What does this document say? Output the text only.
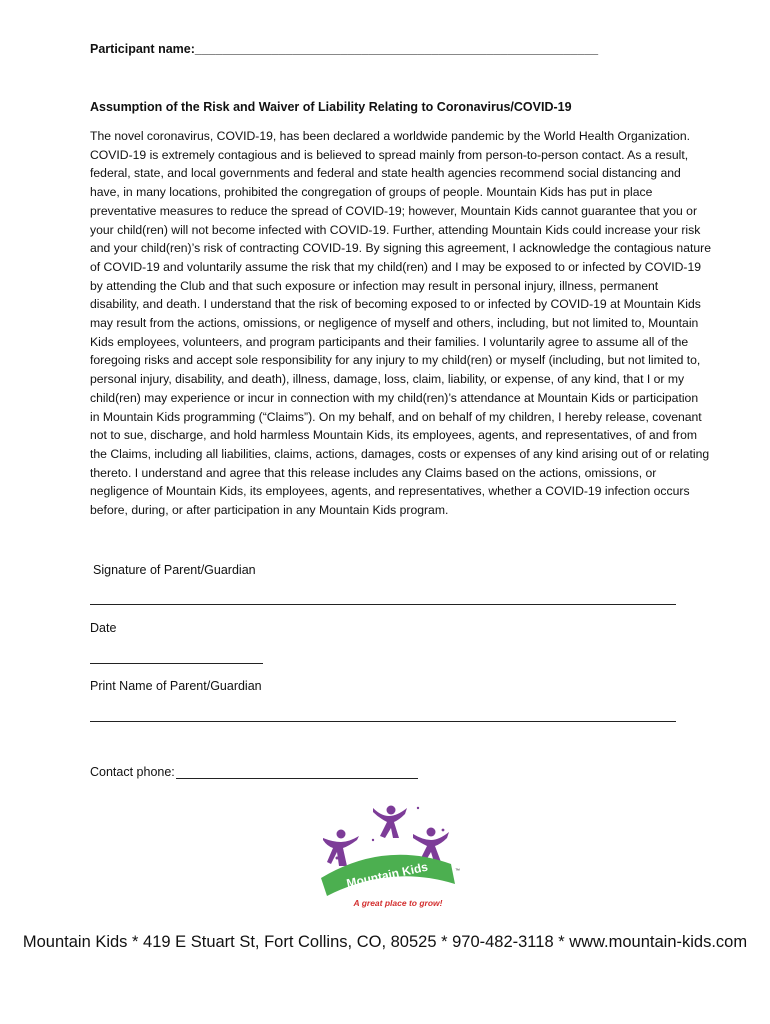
Participant name:__________________________________________________________
Assumption of the Risk and Waiver of Liability Relating to Coronavirus/COVID-19
The novel coronavirus, COVID-19, has been declared a worldwide pandemic by the World Health Organization.
COVID-19 is extremely contagious and is believed to spread mainly from person-to-person contact. As a result,
federal, state, and local governments and federal and state health agencies recommend social distancing and
have, in many locations, prohibited the congregation of groups of people. Mountain Kids has put in place
preventative measures to reduce the spread of COVID-19; however, Mountain Kids cannot guarantee that you or
your child(ren) will not become infected with COVID-19. Further, attending Mountain Kids could increase your risk
and your child(ren)’s risk of contracting COVID-19. By signing this agreement, I acknowledge the contagious nature
of COVID-19 and voluntarily assume the risk that my child(ren) and I may be exposed to or infected by COVID-19
by attending the Club and that such exposure or infection may result in personal injury, illness, permanent
disability, and death. I understand that the risk of becoming exposed to or infected by COVID-19 at Mountain Kids
may result from the actions, omissions, or negligence of myself and others, including, but not limited to, Mountain
Kids employees, volunteers, and program participants and their families. I voluntarily agree to assume all of the
foregoing risks and accept sole responsibility for any injury to my child(ren) or myself (including, but not limited to,
personal injury, disability, and death), illness, damage, loss, claim, liability, or expense, of any kind, that I or my
child(ren) may experience or incur in connection with my child(ren)’s attendance at Mountain Kids or participation
in Mountain Kids programming (“Claims”). On my behalf, and on behalf of my children, I hereby release, covenant
not to sue, discharge, and hold harmless Mountain Kids, its employees, agents, and representatives, of and from
the Claims, including all liabilities, claims, actions, damages, costs or expenses of any kind arising out of or relating
thereto. I understand and agree that this release includes any Claims based on the actions, omissions, or
negligence of Mountain Kids, its employees, agents, and representatives, whether a COVID-19 infection occurs
before, during, or after participation in any Mountain Kids program.
Signature of Parent/Guardian
Date
Print Name of Parent/Guardian
Contact phone:
Mountain Kids	™
A great place to grow!
Mountain Kids * 419 E Stuart St, Fort Collins, CO, 80525 * 970-482-3118 * www.mountain-kids.com
